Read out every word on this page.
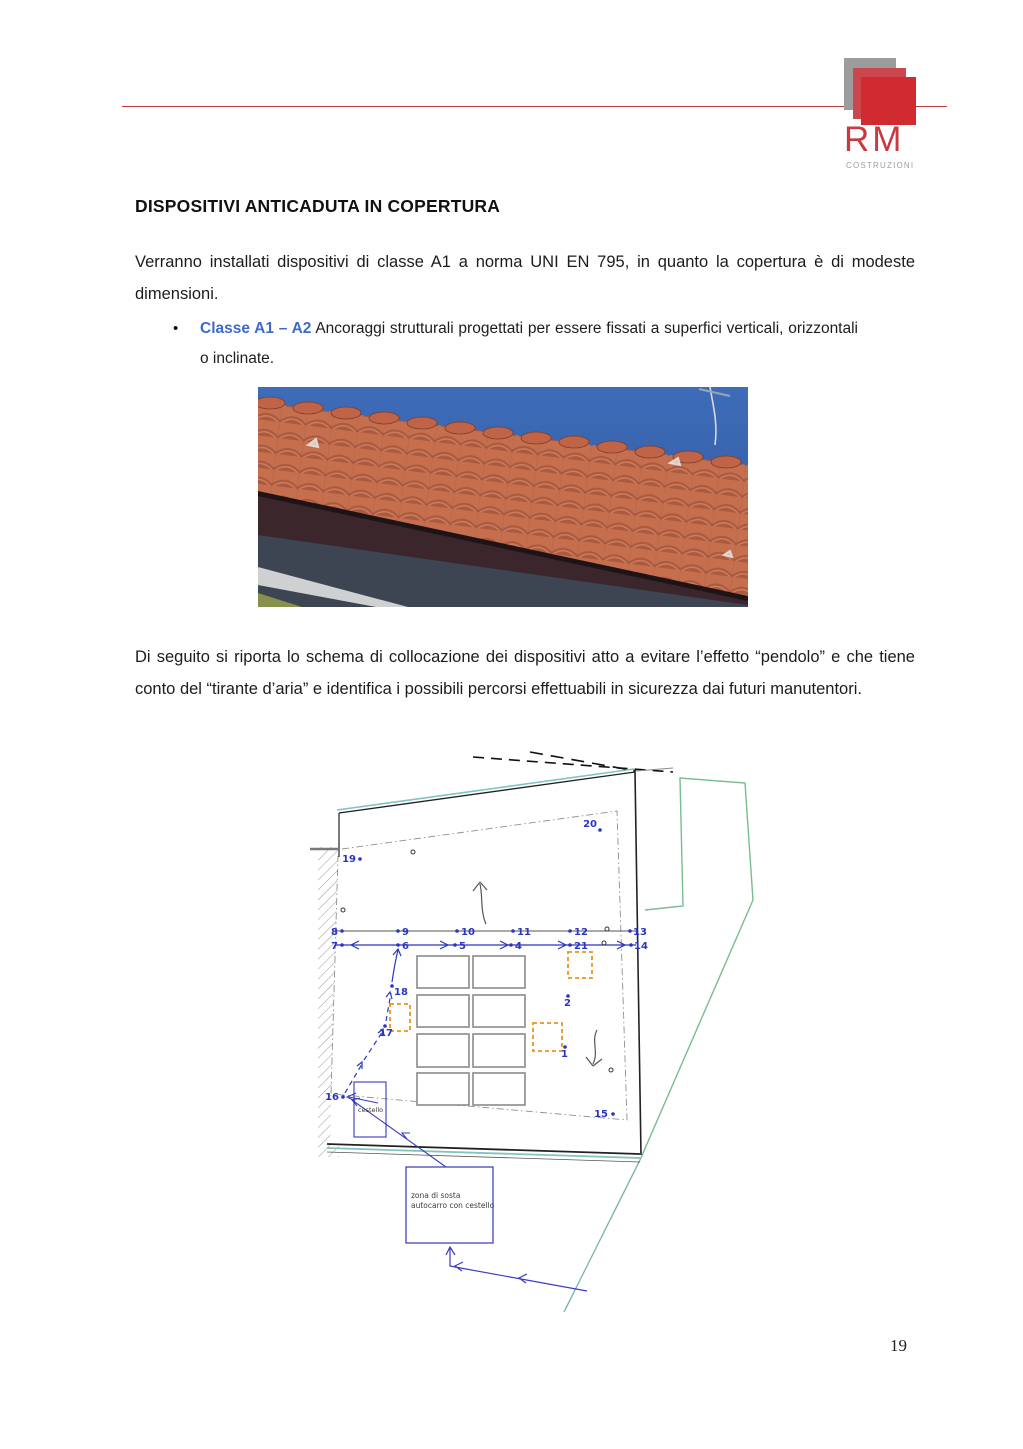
RM
COSTRUZIONI
DISPOSITIVI ANTICADUTA IN COPERTURA
Verranno installati dispositivi di classe A1 a norma UNI EN 795, in quanto la copertura è di modeste dimensioni.
•	Classe A1 – A2 Ancoraggi strutturali progettati per essere fissati a superfici verticali, orizzontali o inclinate.
Di seguito si riporta lo schema di collocazione dei dispositivi atto a evitare l’effetto “pendolo” e che tiene conto del “tirante d’aria” e identifica i possibili percorsi effettuabili in sicurezza dai futuri manutentori.
cestello
zona di sosta
autocarro con cestello
19
20
8	9	10	11	12	13
7	6	5	4	21	14
18
17
16
15
2
1
19
